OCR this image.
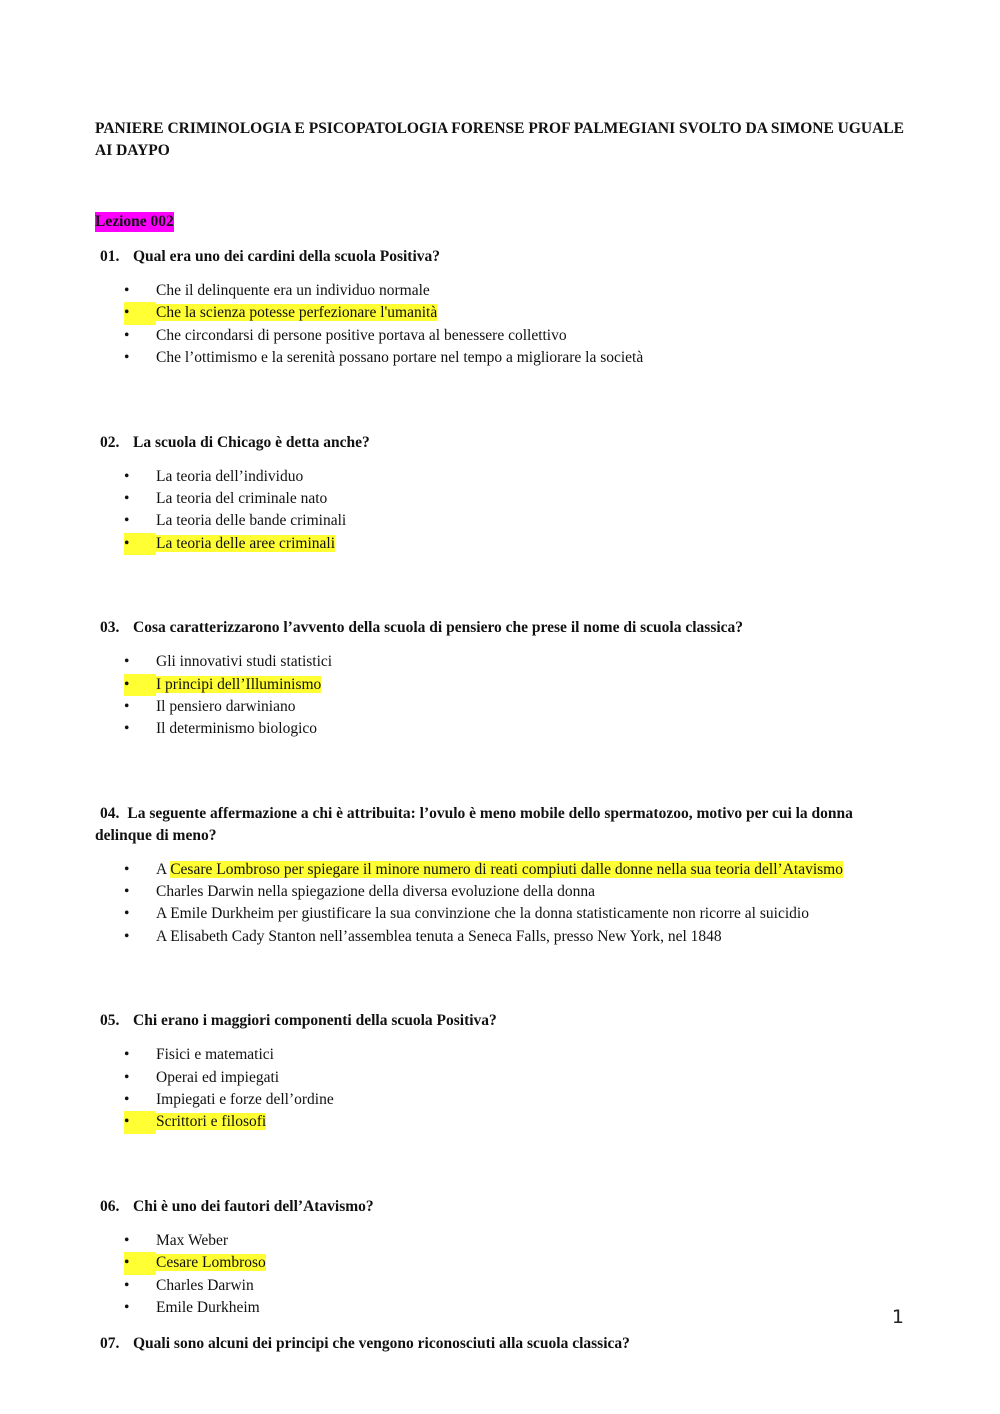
PANIERE CRIMINOLOGIA E PSICOPATOLOGIA FORENSE PROF PALMEGIANI SVOLTO DA SIMONE UGUALE AI DAYPO

Lezione 002

01. Qual era uno dei cardini della scuola Positiva?

• Che il delinquente era un individuo normale
•	Che la scienza potesse perfezionare l'umanità
• Che circondarsi di persone positive portava al benessere collettivo
• Che l’ottimismo e la serenità possano portare nel tempo a migliorare la società

02. La scuola di Chicago è detta anche?

• La teoria dell’individuo
• La teoria del criminale nato
• La teoria delle bande criminali
•	La teoria delle aree criminali

03. Cosa caratterizzarono l’avvento della scuola di pensiero che prese il nome di scuola classica?

• Gli innovativi studi statistici
•	I principi dell’Illuminismo
• Il pensiero darwiniano
• Il determinismo biologico

04. La seguente affermazione a chi è attribuita: l’ovulo è meno mobile dello spermatozoo, motivo per cui la donna delinque di meno?

• A Cesare Lombroso per spiegare il minore numero di reati compiuti dalle donne nella sua teoria dell’Atavismo
• Charles Darwin nella spiegazione della diversa evoluzione della donna
• A Emile Durkheim per giustificare la sua convinzione che la donna statisticamente non ricorre al suicidio
• A Elisabeth Cady Stanton nell’assemblea tenuta a Seneca Falls, presso New York, nel 1848

05. Chi erano i maggiori componenti della scuola Positiva?

• Fisici e matematici
• Operai ed impiegati
• Impiegati e forze dell’ordine
•	Scrittori e filosofi

06. Chi è uno dei fautori dell’Atavismo?

• Max Weber
•	Cesare Lombroso
• Charles Darwin
• Emile Durkheim

07. Quali sono alcuni dei principi che vengono riconosciuti alla scuola classica?

1
